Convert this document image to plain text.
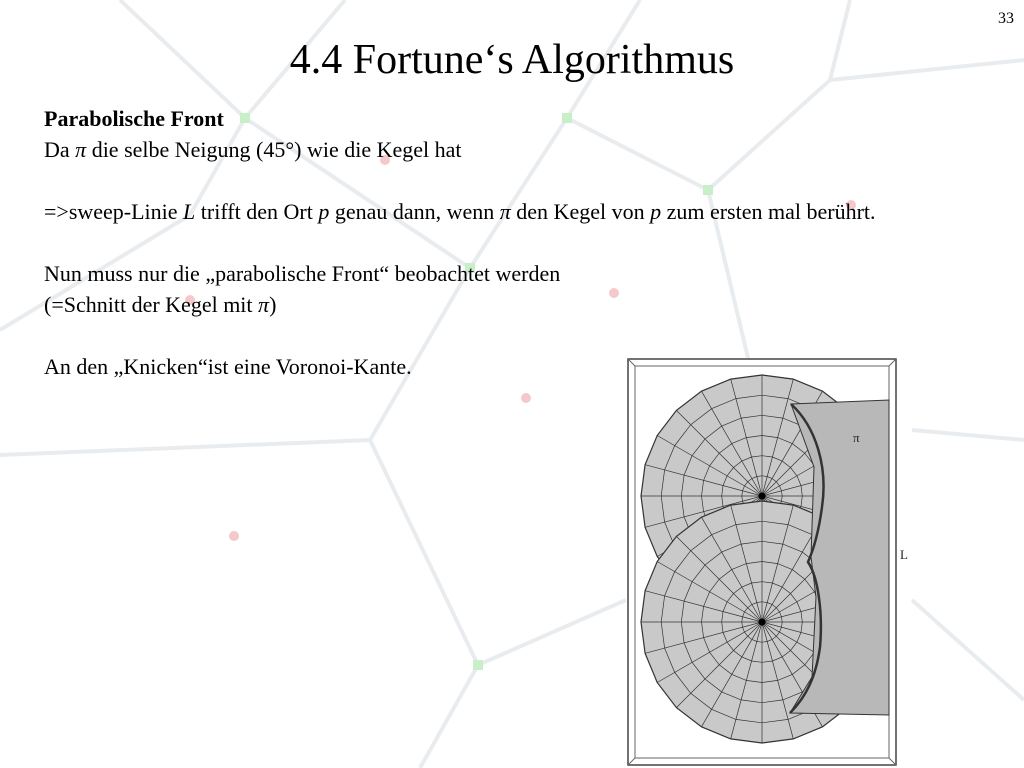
33
4.4 Fortune‘s Algorithmus

Parabolische Front

Da π die selbe Neigung (45°) wie die Kegel hat

=>sweep-Linie L trifft den Ort p genau dann, wenn π den Kegel von p zum ersten mal berührt.

Nun muss nur die „parabolische Front“ beobachtet werden

(=Schnitt der Kegel mit π)

An den „Knicken“ist eine Voronoi-Kante.

π
L
